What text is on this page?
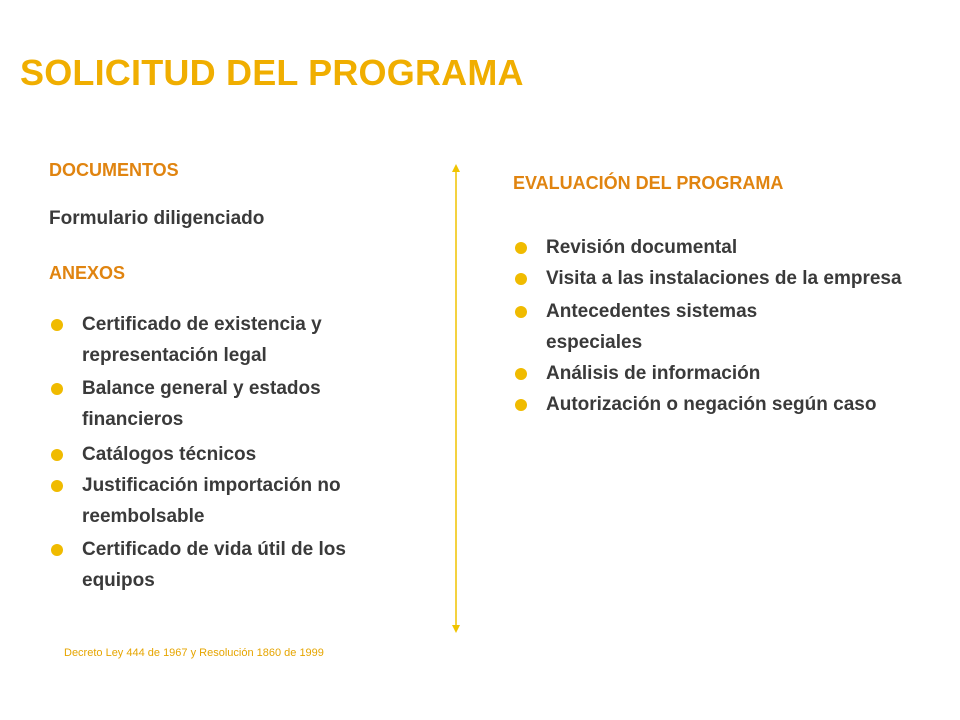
SOLICITUD DEL PROGRAMA
DOCUMENTOS
Formulario diligenciado
ANEXOS
Certificado de existencia y representación legal
Balance general y estados financieros
Catálogos técnicos
Justificación importación no reembolsable
Certificado de vida útil de los equipos
EVALUACIÓN DEL PROGRAMA
Revisión documental
Visita a las instalaciones de la empresa
Antecedentes sistemas especiales
Análisis de información
Autorización o negación según caso
Decreto Ley 444 de 1967 y Resolución 1860 de 1999
